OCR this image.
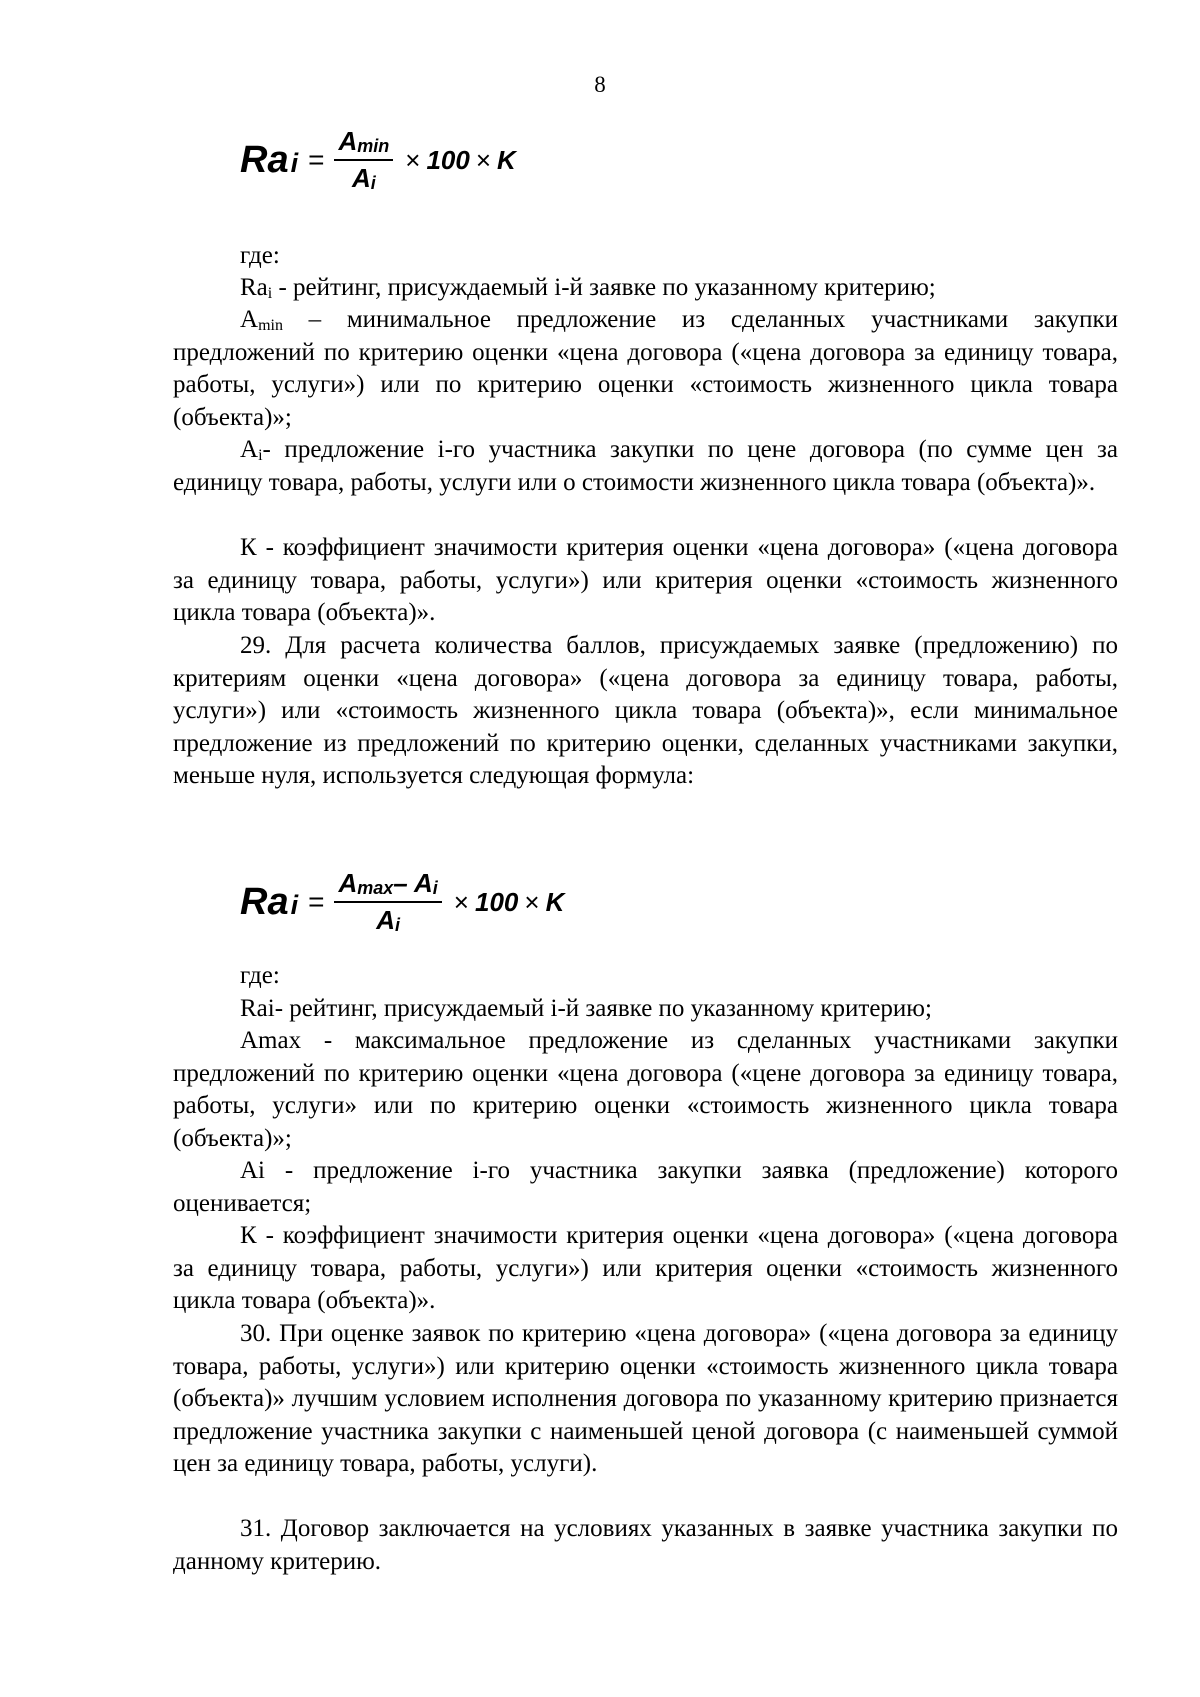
8
Rai = $\frac{A_{min}}{A_i} \times 100 \times K$

где:

$Ra_i$ - рейтинг, присуждаемый i-й заявке по указанному критерию;

$A_{min}$ – минимальное предложение из сделанных участниками закупки предложений по критерию оценки «цена договора («цена договора за единицу товара, работы, услуги») или по критерию оценки «стоимость жизненного цикла товара (объекта)»;

$A_i-$ предложение i-го участника закупки по цене договора (по сумме цен за единицу товара, работы, услуги или о стоимости жизненного цикла товара (объекта)».

К - коэффициент значимости критерия оценки «цена договора» («цена договора за единицу товара, работы, услуги») или критерия оценки «стоимость жизненного цикла товара (объекта)».

29. Для расчета количества баллов, присуждаемых заявке (предложению) по критериям оценки «цена договора» («цена договора за единицу товара, работы, услуги») или «стоимость жизненного цикла товара (объекта)», если минимальное предложение из предложений по критерию оценки, сделанных участниками закупки, меньше нуля, используется следующая формула:

Rai = $\frac{A_{max}- A_i}{A_i} \times 100 \times K$

где:

Rai- рейтинг, присуждаемый i-й заявке по указанному критерию;

Amax - максимальное предложение из сделанных участниками закупки предложений по критерию оценки «цена договора («цене договора за единицу товара, работы, услуги» или по критерию оценки «стоимость жизненного цикла товара (объекта)»;

Ai - предложение i-го участника закупки заявка (предложение) которого оценивается;

К - коэффициент значимости критерия оценки «цена договора» («цена договора за единицу товара, работы, услуги») или критерия оценки «стоимость жизненного цикла товара (объекта)».

30. При оценке заявок по критерию «цена договора» («цена договора за единицу товара, работы, услуги») или критерию оценки «стоимость жизненного цикла товара (объекта)» лучшим условием исполнения договора по указанному критерию признается предложение участника закупки с наименьшей ценой договора (с наименьшей суммой цен за единицу товара, работы, услуги).

31. Договор заключается на условиях указанных в заявке участника закупки по данному критерию.
